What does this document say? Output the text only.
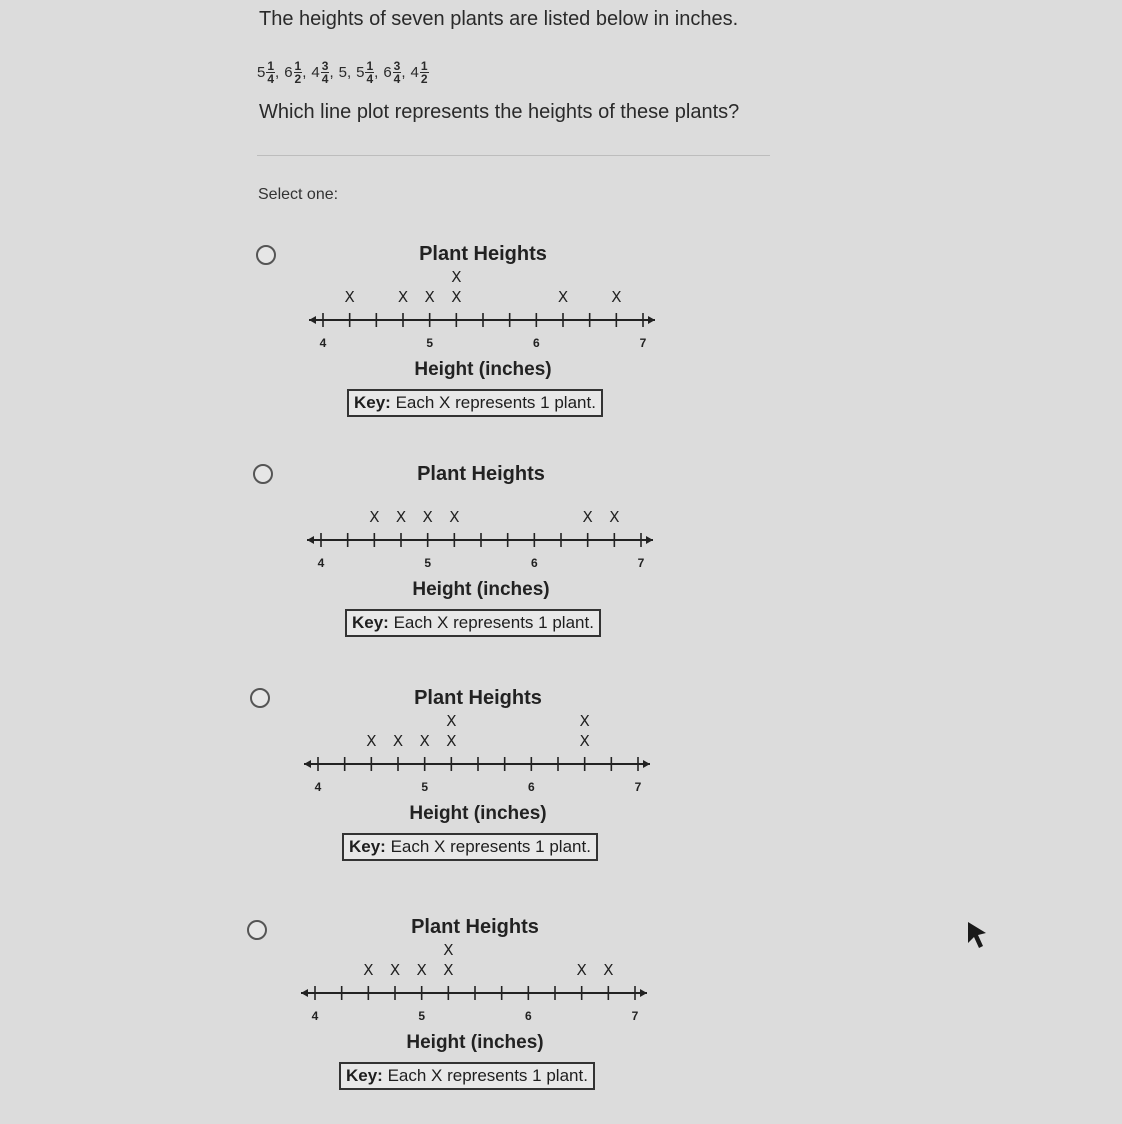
The heights of seven plants are listed below in inches.
$5 \frac{1}{4}$ , $6 \frac{1}{2}$ , $4 \frac{3}{4}$ , 5 , $5 \frac{1}{4}$ , $6 \frac{3}{4}$ , $4 \frac{1}{2}$
Which line plot represents the heights of these plants?
Select one:
Plant Heights
4	5	6	7
X	X X X
X
X	X
Height (inches)
Key: Each X represents 1 plant.
Plant Heights
4	5	6	7
X X X X	X X
Height (inches)
Key: Each X represents 1 plant.
Plant Heights
4	5	6	7
X X X X
X
X
X
Height (inches)
Key: Each X represents 1 plant.
Plant Heights
4	5	6	7
X X X X
X
X X
Height (inches)
Key: Each X represents 1 plant.
